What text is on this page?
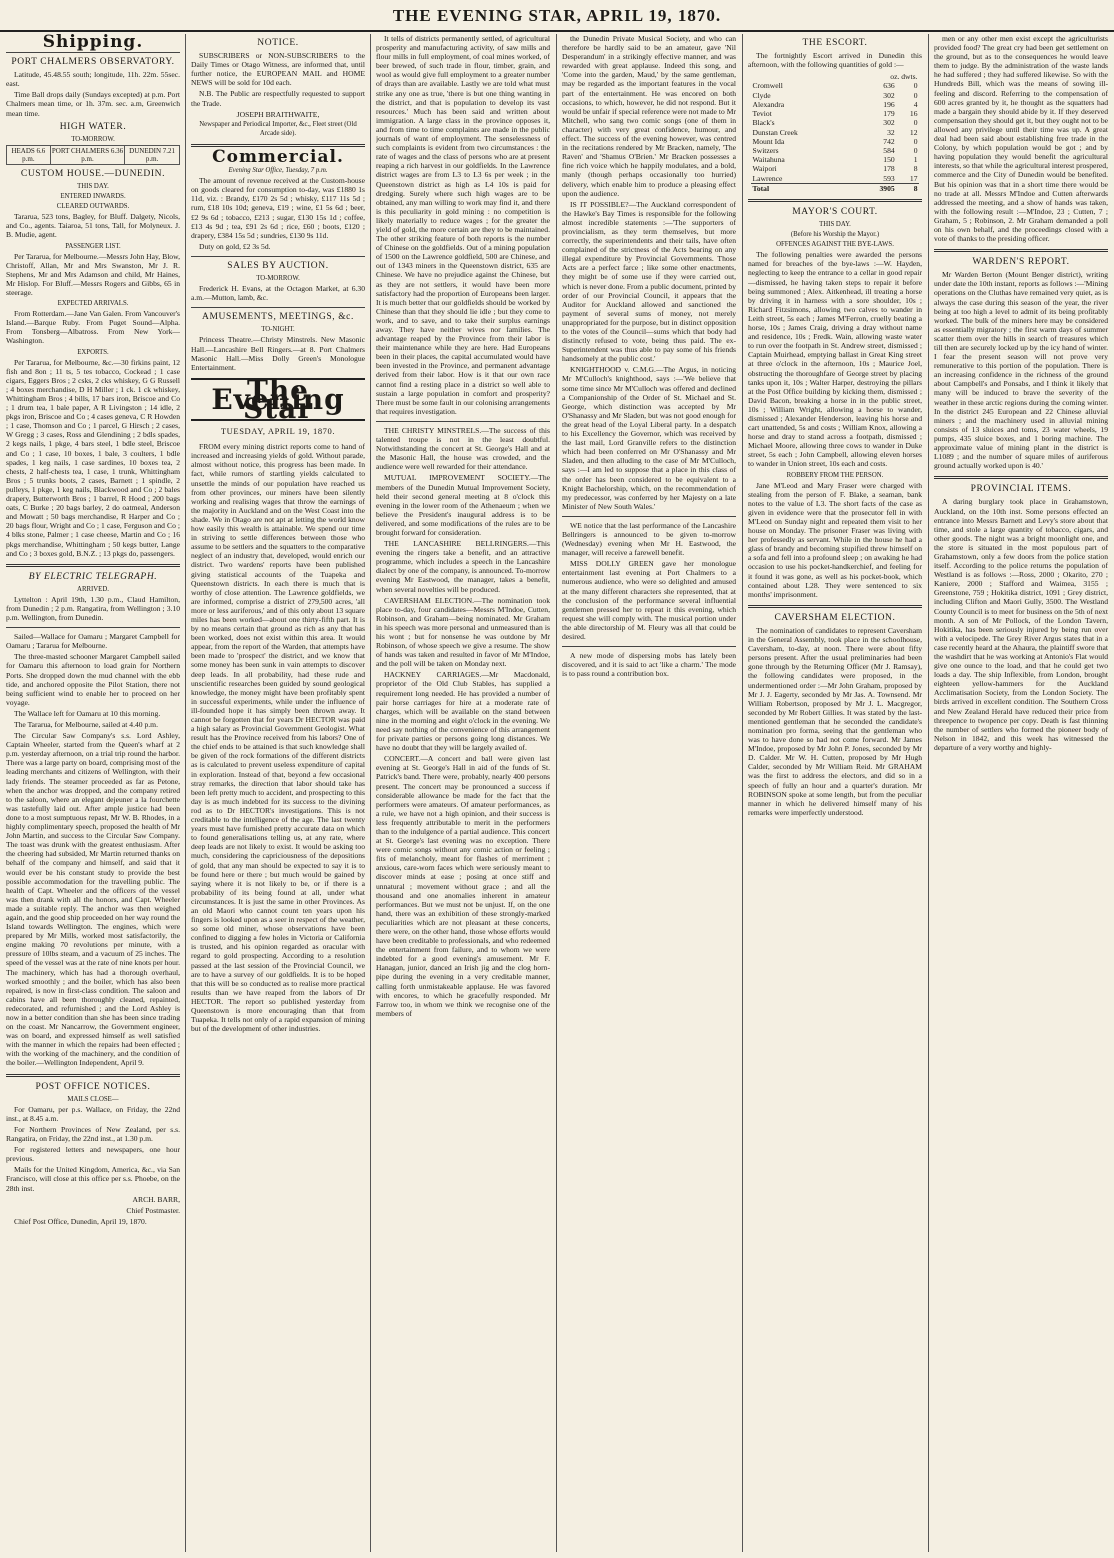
THE EVENING STAR, APRIL 19, 1870.
Shipping.
PORT CHALMERS OBSERVATORY.

Latitude, 45.48.55 south; longitude, 11h. 22m. 55sec. east.

Time Ball drops daily (Sundays excepted) at p.m. Port Chalmers mean time, or 1h. 37m. sec. a.m, Greenwich mean time.

HIGH WATER.

TO-MORROW.

HEADS 6.6 p.m.	PORT CHALMERS 6.36 p.m.	DUNEDIN 7.21 p.m.
CUSTOM HOUSE.—DUNEDIN.

THIS DAY.

ENTERED INWARDS.

CLEARED OUTWARDS.

Tararua, 523 tons, Bagley, for Bluff. Dalgety, Nicols, and Co., agents. Taiaroa, 51 tons, Tall, for Molyneux. J. B. Mudie, agent.

PASSENGER LIST.

Per Tararua, for Melbourne.—Messrs John Hay, Blow, Christoff, Allan, Mr and Mrs Swanston, Mr J. R. Stephens, Mr and Mrs Adamson and child, Mr Haines, Mr Hislop. For Bluff.—Messrs Rogers and Gibbs, 65 in steerage.

EXPECTED ARRIVALS.

From Rotterdam.—Jane Van Galen. From Vancouver's Island.—Barque Ruby. From Puget Sound—Alpha. From Tonsberg—Albatross. From New York—Washington.

EXPORTS.

Per Tararua, for Melbourne, &c.—30 firkins paint, 12 fish and 8on ; 11 ts, 5 tes tobacco, Cockead ; 1 case cigars, Eggers Bros ; 2 csks, 2 cks whiskey, G G Russell ; 4 boxes merchandise, D H Miller ; 1 ck. 1 ck whiskey, Whittingham Bros ; 4 bills, 17 bars iron, Briscoe and Co ; 1 drum tea, 1 bale paper, A R Livingston ; 14 idle, 2 pkgs iron, Briscoe and Co ; 4 cases geneva, C R Howden ; 1 case, Thomson and Co ; 1 parcel, G Hirsch ; 2 cases, W Gregg ; 3 cases, Ross and Glendining ; 2 bdls spades, 2 kegs nails, 1 pkge, 4 bars steel, 1 bdle steel, Briscoe and Co ; 1 case, 10 boxes, 1 bale, 3 coulters, 1 bdle spades, 1 keg nails, 1 case sardines, 10 boxes tea, 2 chests, 2 half-chests tea, 1 case, 1 trunk, Whittingham Bros ; 5 trunks boots, 2 cases, Barnett ; 1 spindle, 2 pulleys, 1 pkge, 1 keg nails, Blackwood and Co ; 2 bales drapery, Butterworth Bros ; 1 barrel, R Hood ; 200 bags oats, C Burke ; 20 bags barley, 2 do oatmeal, Anderson and Mowatt ; 50 bags merchandise, R Harper and Co ; 20 bags flour, Wright and Co ; 1 case, Ferguson and Co ; 4 blks stone, Palmer ; 1 case cheese, Martin and Co ; 16 pkgs merchandise, Whittingham ; 50 kegs butter, Lange and Co ; 3 boxes gold, B.N.Z. ; 13 pkgs do, passengers.

BY ELECTRIC TELEGRAPH.

ARRIVED.

Lyttelton : April 19th, 1.30 p.m., Claud Hamilton, from Dunedin ; 2 p.m. Rangatira, from Wellington ; 3.10 p.m. Wellington, from Dunedin.

Sailed—Wallace for Oamaru ; Margaret Campbell for Oamaru ; Tararua for Melbourne.

The three-masted schooner Margaret Campbell sailed for Oamaru this afternoon to load grain for Northern Ports. She dropped down the mud channel with the ebb tide, and anchored opposite the Pilot Station, there not being sufficient wind to enable her to proceed on her voyage.

The Wallace left for Oamaru at 10 this morning.

The Tararua, for Melbourne, sailed at 4.40 p.m.

The Circular Saw Company's s.s. Lord Ashley, Captain Wheeler, started from the Queen's wharf at 2 p.m. yesterday afternoon, on a trial trip round the harbor. There was a large party on board, comprising most of the leading merchants and citizens of Wellington, with their lady friends. The steamer proceeded as far as Petone, when the anchor was dropped, and the company retired to the saloon, where an elegant dejeuner a la fourchette was tastefully laid out. After ample justice had been done to a most sumptuous repast, Mr W. B. Rhodes, in a highly complimentary speech, proposed the health of Mr John Martin, and success to the Circular Saw Company. The toast was drunk with the greatest enthusiasm. After the cheering had subsided, Mr Martin returned thanks on behalf of the company and himself, and said that it would ever be his constant study to provide the best possible accommodation for the travelling public. The health of Capt. Wheeler and the officers of the vessel was then drank with all the honors, and Capt. Wheeler made a suitable reply. The anchor was then weighed again, and the good ship proceeded on her way round the Island towards Wellington. The engines, which were prepared by Mr Mills, worked most satisfactorily, the engine making 70 revolutions per minute, with a pressure of 10lbs steam, and a vacuum of 25 inches. The speed of the vessel was at the rate of nine knots per hour. The machinery, which has had a thorough overhaul, worked smoothly ; and the boiler, which has also been repaired, is now in first-class condition. The saloon and cabins have all been thoroughly cleaned, repainted, redecorated, and refurnished ; and the Lord Ashley is now in a better condition than she has been since trading on the coast. Mr Nancarrow, the Government engineer, was on board, and expressed himself as well satisfied with the manner in which the repairs had been effected ; with the working of the machinery, and the condition of the boiler.—Wellington Independent, April 9.

POST OFFICE NOTICES.

MAILS CLOSE—

For Oamaru, per p.s. Wallace, on Friday, the 22nd inst., at 8.45 a.m.

For Northern Provinces of New Zealand, per s.s. Rangatira, on Friday, the 22nd inst., at 1.30 p.m.

For registered letters and newspapers, one hour previous.

Mails for the United Kingdom, America, &c., via San Francisco, will close at this office per s.s. Phoebe, on the 28th inst.

ARCH. BARR,

Chief Postmaster.

Chief Post Office, Dunedin, April 19, 1870.

NOTICE.

SUBSCRIBERS or NON-SUBSCRIBERS to the Daily Times or Otago Witness, are informed that, until further notice, the EUROPEAN MAIL and HOME NEWS will be sold for 10d each.

N.B. The Public are respectfully requested to support the Trade.

JOSEPH BRAITHWAITE,

Newspaper and Periodical Importer, &c., Fleet street (Old Arcade side).

Commercial.

Evening Star Office, Tuesday, 7 p.m.

The amount of revenue received at the Custom-house on goods cleared for consumption to-day, was £1880 1s 11d, viz. : Brandy, £170 2s 5d ; whisky, £117 11s 5d ; rum, £18 10s 10d; geneva, £19 ; wine, £1 5s 6d ; beer, £2 9s 6d ; tobacco, £213 ; sugar, £130 15s 1d ; coffee, £13 4s 9d ; tea, £91 2s 6d ; rice, £60 ; boots, £120 ; drapery, £384 15s 5d ; sundries, £130 9s 11d.

Duty on gold, £2 3s 5d.

SALES BY AUCTION.

TO-MORROW.

Frederick H. Evans, at the Octagon Market, at 6.30 a.m.—Mutton, lamb, &c.

AMUSEMENTS, MEETINGS, &c.

TO-NIGHT.

Princess Theatre.—Christy Minstrels. New Masonic Hall.—Lancashire Bell Ringers.—at 8. Port Chalmers Masonic Hall.—Miss Dolly Green's Monologue Entertainment.

The Evening Star
TUESDAY, APRIL 19, 1870.

FROM every mining district reports come to hand of increased and increasing yields of gold. Without parade, almost without notice, this progress has been made. In fact, while rumors of startling yields calculated to unsettle the minds of our population have reached us from other provinces, our miners have been silently working and realising wages that throw the earnings of the majority in Auckland and on the West Coast into the shade. We in Otago are not apt at letting the world know how easily this wealth is attainable. We spend our time in striving to settle differences between those who assume to be settlers and the squatters to the comparative neglect of an industry that, developed, would enrich our district. Two wardens' reports have been published giving statistical accounts of the Tuapeka and Queenstown districts. In each there is much that is worthy of close attention. The Lawrence goldfields, we are informed, comprise a district of 279,500 acres, 'all more or less auriferous,' and of this only about 13 square miles has been worked—about one thirty-fifth part. It is by no means certain that ground as rich as any that has been worked, does not exist within this area. It would appear, from the report of the Warden, that attempts have been made to 'prospect' the district, and we know that some money has been sunk in vain attempts to discover deep leads. In all probability, had these rude and unscientific researches been guided by sound geological knowledge, the money might have been profitably spent in successful experiments, while under the influence of ill-founded hope it has simply been thrown away. It cannot be forgotten that for years Dr HECTOR was paid a high salary as Provincial Government Geologist. What result has the Province received from his labors? One of the chief ends to be attained is that such knowledge shall be given of the rock formations of the different districts as is calculated to prevent useless expenditure of capital in exploration. Instead of that, beyond a few occasional stray remarks, the direction that labor should take has been left pretty much to accident, and prospecting to this day is as much indebted for its success to the divining rod as to Dr HECTOR's investigations. This is not creditable to the intelligence of the age. The last twenty years must have furnished pretty accurate data on which to found generalisations telling us, at any rate, where deep leads are not likely to exist. It would be asking too much, considering the capriciousness of the depositions of gold, that any man should be expected to say it is to be found here or there ; but much would be gained by saying where it is not likely to be, or if there is a probability of its being found at all, under what circumstances. It is just the same in other Provinces. As an old Maori who cannot count ten years upon his fingers is looked upon as a seer in respect of the weather, so some old miner, whose observations have been confined to digging a few holes in Victoria or California is trusted, and his opinion regarded as oracular with regard to gold prospecting. According to a resolution passed at the last session of the Provincial Council, we are to have a survey of our goldfields. It is to be hoped that this will be so conducted as to realise more practical results than we have reaped from the labors of Dr HECTOR. The report so published yesterday from Queenstown is more encouraging than that from Tuapeka. It tells not only of a rapid expansion of mining but of the development of other industries.

It tells of districts permanently settled, of agricultural prosperity and manufacturing activity, of saw mills and flour mills in full employment, of coal mines worked, of beer brewed, of such trade in flour, timber, grain, and wool as would give full employment to a greater number of drays than are available. Lastly we are told what must strike any one as true, 'there is but one thing wanting in the district, and that is population to develop its vast resources.' Much has been said and written about immigration. A large class in the province opposes it, and from time to time complaints are made in the public journals of want of employment. The senselessness of such complaints is evident from two circumstances : the rate of wages and the class of persons who are at present reaping a rich harvest in our goldfields. In the Lawrence district wages are from L3 to L3 6s per week ; in the Queenstown district as high as L4 10s is paid for dredging. Surely where such high wages are to be obtained, any man willing to work may find it, and there is this peculiarity in gold mining : no competition is likely materially to reduce wages ; for the greater the yield of gold, the more certain are they to be maintained. The other striking feature of both reports is the number of Chinese on the goldfields. Out of a mining population of 1500 on the Lawrence goldfield, 500 are Chinese, and out of 1343 miners in the Queenstown district, 635 are Chinese. We have no prejudice against the Chinese, but as they are not settlers, it would have been more satisfactory had the proportion of Europeans been larger. It is much better that our goldfields should be worked by Chinese than that they should lie idle ; but they come to work, and to save, and to take their surplus earnings away. They have neither wives nor families. The advantage reaped by the Province from their labor is their maintenance while they are here. Had Europeans been in their places, the capital accumulated would have been invested in the Province, and permanent advantage derived from their labor. How is it that our own race cannot find a resting place in a district so well able to sustain a large population in comfort and prosperity? There must be some fault in our colonising arrangements that requires investigation.

THE CHRISTY MINSTRELS.—The success of this talented troupe is not in the least doubtful. Notwithstanding the concert at St. George's Hall and at the Masonic Hall, the house was crowded, and the audience were well rewarded for their attendance.

MUTUAL IMPROVEMENT SOCIETY.—The members of the Dunedin Mutual Improvement Society, held their second general meeting at 8 o'clock this evening in the lower room of the Athenaeum ; when we believe the President's inaugural address is to be delivered, and some modifications of the rules are to be brought forward for consideration.

THE LANCASHIRE BELLRINGERS.—This evening the ringers take a benefit, and an attractive programme, which includes a speech in the Lancashire dialect by one of the company, is announced. To-morrow evening Mr Eastwood, the manager, takes a benefit, when several novelties will be produced.

CAVERSHAM ELECTION.—The nomination took place to-day, four candidates—Messrs M'Indoe, Cutten, Robinson, and Graham—being nominated. Mr Graham in his speech was more personal and unmeasured than is his wont ; but for nonsense he was outdone by Mr Robinson, of whose speech we give a resume. The show of hands was taken and resulted in favor of Mr M'Indoe, and the poll will be taken on Monday next.

HACKNEY CARRIAGES.—Mr Macdonald, proprietor of the Old Club Stables, has supplied a requirement long needed. He has provided a number of pair horse carriages for hire at a moderate rate of charges, which will be available on the stand between nine in the morning and eight o'clock in the evening. We need say nothing of the convenience of this arrangement for private parties or persons going long distances. We have no doubt that they will be largely availed of.

CONCERT.—A concert and ball were given last evening at St. George's Hall in aid of the funds of St. Patrick's band. There were, probably, nearly 400 persons present. The concert may be pronounced a success if considerable allowance be made for the fact that the performers were amateurs. Of amateur performances, as a rule, we have not a high opinion, and their success is less frequently attributable to merit in the performers than to the indulgence of a partial audience. This concert at St. George's last evening was no exception. There were comic songs without any comic action or feeling ; fits of melancholy, meant for flashes of merriment ; anxious, care-worn faces which were seriously meant to discover minds at ease ; posing at once stiff and unnatural ; movement without grace ; and all the thousand and one anomalies inherent in amateur performances. But we must not be unjust. If, on the one hand, there was an exhibition of these strongly-marked peculiarities which are not pleasant at these concerts, there were, on the other hand, those whose efforts would have been creditable to professionals, and who redeemed the entertainment from failure, and to whom we were indebted for a good evening's amusement. Mr F. Hanagan, junior, danced an Irish jig and the clog horn-pipe during the evening in a very creditable manner, calling forth unmistakeable applause. He was favored with encores, to which he gracefully responded. Mr Farrow too, in whom we think we recognise one of the members of

the Dunedin Private Musical Society, and who can therefore be hardly said to be an amateur, gave 'Nil Desperandum' in a strikingly effective manner, and was rewarded with great applause. Indeed this song, and 'Come into the garden, Maud,' by the same gentleman, may be regarded as the important features in the vocal part of the entertainment. He was encored on both occasions, to which, however, he did not respond. But it would be unfair if special reference were not made to Mr Mitchell, who sang two comic songs (one of them in character) with very great confidence, humour, and effect. The success of the evening however, was centred in the recitations rendered by Mr Bracken, namely, 'The Raven' and 'Shamus O'Brien.' Mr Bracken possesses a fine rich voice which he happily modulates, and a bold, manly (though perhaps occasionally too hurried) delivery, which enable him to produce a pleasing effect upon the audience.

IS IT POSSIBLE?—The Auckland correspondent of the Hawke's Bay Times is responsible for the following almost incredible statements :—'The supporters of provincialism, as they term themselves, but more correctly, the superintendents and their tails, have often complained of the strictness of the Acts bearing on any illegal expenditure by Provincial Governments. Those Acts are a perfect farce ; like some other enactments, they might be of some use if they were carried out, which is never done. From a public document, printed by order of our Provincial Council, it appears that the Auditor for Auckland allowed and sanctioned the payment of several sums of money, not merely unappropriated for the purpose, but in distinct opposition to the votes of the Council—sums which that body had distinctly refused to vote, being thus paid. The ex-Superintendent was thus able to pay some of his friends handsomely at the public cost.'

KNIGHTHOOD v. C.M.G.—The Argus, in noticing Mr M'Culloch's knighthood, says :—'We believe that some time since Mr M'Culloch was offered and declined a Companionship of the Order of St. Michael and St. George, which distinction was accepted by Mr O'Shanassy and Mr Sladen, but was not good enough for the great head of the Loyal Liberal party. In a despatch to his Excellency the Governor, which was received by the last mail, Lord Granville refers to the distinction which had been conferred on Mr O'Shanassy and Mr Sladen, and then alluding to the case of Mr M'Culloch, says :—I am led to suppose that a place in this class of the order has been considered to be equivalent to a Knight Bachelorship, which, on the recommendation of my predecessor, was conferred by her Majesty on a late Minister of New South Wales.'

WE notice that the last performance of the Lancashire Bellringers is announced to be given to-morrow (Wednesday) evening when Mr H. Eastwood, the manager, will receive a farewell benefit.

MISS DOLLY GREEN gave her monologue entertainment last evening at Port Chalmers to a numerous audience, who were so delighted and amused at the many different characters she represented, that at the conclusion of the performance several influential gentlemen pressed her to repeat it this evening, which request she will comply with. The musical portion under the able directorship of M. Fleury was all that could be desired.

A new mode of dispersing mobs has lately been discovered, and it is said to act 'like a charm.' The mode is to pass round a contribution box.

THE ESCORT.

The fortnightly Escort arrived in Dunedin this afternoon, with the following quantities of gold :—

	oz. dwts.	
Cromwell	636	0
Clyde	302	0
Alexandra	196	4
Teviot	179	16
Black's	302	0
Dunstan Creek	32	12
Mount Ida	742	0
Switzers	584	0
Waitahuna	150	1
Waipori	178	8
Lawrence	593	17
Total	3905	8
MAYOR'S COURT.

THIS DAY.

(Before his Worship the Mayor.)

OFFENCES AGAINST THE BYE-LAWS.

The following penalties were awarded the persons named for breaches of the bye-laws :—W. Hayden, neglecting to keep the entrance to a cellar in good repair—dismissed, he having taken steps to repair it before being summoned ; Alex. Aitkenhead, ill treating a horse by driving it in harness with a sore shoulder, 10s ; Richard Fitzsimons, allowing two calves to wander in Leith street, 5s each ; James M'Ferron, cruelly beating a horse, 10s ; James Craig, driving a dray without name and residence, 10s ; Fredk. Wain, allowing waste water to run over the footpath in St. Andrew street, dismissed ; Captain Muirhead, emptying ballast in Great King street at three o'clock in the afternoon, 10s ; Maurice Joel, obstructing the thoroughfare of George street by placing tanks upon it, 10s ; Walter Harper, destroying the pillars at the Post Office building by kicking them, dismissed ; David Bacon, breaking a horse in in the public street, 10s ; William Wright, allowing a horse to wander, dismissed ; Alexander Henderson, leaving his horse and cart unattended, 5s and costs ; William Knox, allowing a horse and dray to stand across a footpath, dismissed ; Michael Moore, allowing three cows to wander in Duke street, 5s each ; John Campbell, allowing eleven horses to wander in Union street, 10s each and costs.

ROBBERY FROM THE PERSON.

Jane M'Leod and Mary Fraser were charged with stealing from the person of F. Blake, a seaman, bank notes to the value of L3. The short facts of the case as given in evidence were that the prosecutor fell in with M'Leod on Sunday night and repeated them visit to her house on Monday. The prisoner Fraser was living with her professedly as servant. While in the house he had a glass of brandy and becoming stupified threw himself on a sofa and fell into a profound sleep ; on awaking he had occasion to use his pocket-handkerchief, and feeling for it found it was gone, as well as his pocket-book, which contained about L28. They were sentenced to six months' imprisonment.

CAVERSHAM ELECTION.

The nomination of candidates to represent Caversham in the General Assembly, took place in the schoolhouse, Caversham, to-day, at noon. There were about fifty persons present. After the usual preliminaries had been gone through by the Returning Officer (Mr J. Ramsay), the following candidates were proposed, in the undermentioned order :—Mr John Graham, proposed by Mr J. J. Eagerty, seconded by Mr Jas. A. Townsend. Mr William Robertson, proposed by Mr J. L. Macgregor, seconded by Mr Robert Gillies. It was stated by the last-mentioned gentleman that he seconded the candidate's nomination pro forma, seeing that the gentleman who was to have done so had not come forward. Mr James M'Indoe, proposed by Mr John P. Jones, seconded by Mr D. Calder. Mr W. H. Cutten, proposed by Mr Hugh Calder, seconded by Mr William Reid. Mr GRAHAM was the first to address the electors, and did so in a speech of fully an hour and a quarter's duration. Mr ROBINSON spoke at some length, but from the peculiar manner in which he delivered himself many of his remarks were imperfectly understood.

men or any other men exist except the agriculturists provided food? The great cry had been get settlement on the ground, but as to the consequences he would leave them to judge. By the administration of the waste lands he had suffered ; they had suffered likewise. So with the Hundreds Bill, which was the means of sowing ill-feeling and discord. Referring to the compensation of 600 acres granted by it, he thought as the squatters had made a bargain they should abide by it. If they deserved compensation they should get it, but they ought not to be allowed any privilege until their time was up. A great deal had been said about establishing free trade in the Colony, by which population would be got ; and by having population they would benefit the agricultural interests, so that while the agricultural interest prospered, commerce and the City of Dunedin would be benefited. But his opinion was that in a short time there would be no trade at all. Messrs M'Indoe and Cutten afterwards addressed the meeting, and a show of hands was taken, with the following result :—M'Indoe, 23 ; Cutten, 7 ; Graham, 5 ; Robinson, 2. Mr Graham demanded a poll on his own behalf, and the proceedings closed with a vote of thanks to the presiding officer.

WARDEN'S REPORT.

Mr Warden Berton (Mount Benger district), writing under date the 10th instant, reports as follows :—'Mining operations on the Cluthas have remained very quiet, as is always the case during this season of the year, the river being at too high a level to admit of its being profitably worked. The bulk of the miners here may be considered as essentially migratory ; the first warm days of summer scatter them over the hills in search of treasures which till then are securely locked up by the icy hand of winter. I fear the present season will not prove very remunerative to this portion of the population. There is an increasing confidence in the richness of the ground about Campbell's and Ponsabs, and I think it likely that many will be induced to brave the severity of the weather in these arctic regions during the coming winter. In the district 245 European and 22 Chinese alluvial miners ; and the machinery used in alluvial mining consists of 13 sluices and toms, 23 water wheels, 19 pumps, 435 sluice boxes, and 1 boring machine. The approximate value of mining plant in the district is L1089 ; and the number of square miles of auriferous ground actually worked upon is 40.'

PROVINCIAL ITEMS.

A daring burglary took place in Grahamstown, Auckland, on the 10th inst. Some persons effected an entrance into Messrs Barnett and Levy's store about that time, and stole a large quantity of tobacco, cigars, and other goods. The night was a bright moonlight one, and the store is situated in the most populous part of Grahamstown, only a few doors from the police station itself. According to the police returns the population of Westland is as follows :—Ross, 2000 ; Okarito, 270 ; Kaniere, 2000 ; Stafford and Waimea, 3155 ; Greenstone, 759 ; Hokitika district, 1091 ; Grey district, including Clifton and Maori Gully, 3500. The Westland County Council is to meet for business on the 5th of next month. A son of Mr Pollock, of the London Tavern, Hokitika, has been seriously injured by being run over with a velocipede. The Grey River Argus states that in a case recently heard at the Ahaura, the plaintiff swore that the washdirt that he was working at Antonio's Flat would give one ounce to the load, and that he could get two loads a day. The ship Inflexible, from London, brought eighteen yellow-hammers for the Auckland Acclimatisation Society, from the London Society. The birds arrived in excellent condition. The Southern Cross and New Zealand Herald have reduced their price from threepence to twopence per copy. Death is fast thinning the number of settlers who formed the pioneer body of Nelson in 1842, and this week has witnessed the departure of a very worthy and highly-
